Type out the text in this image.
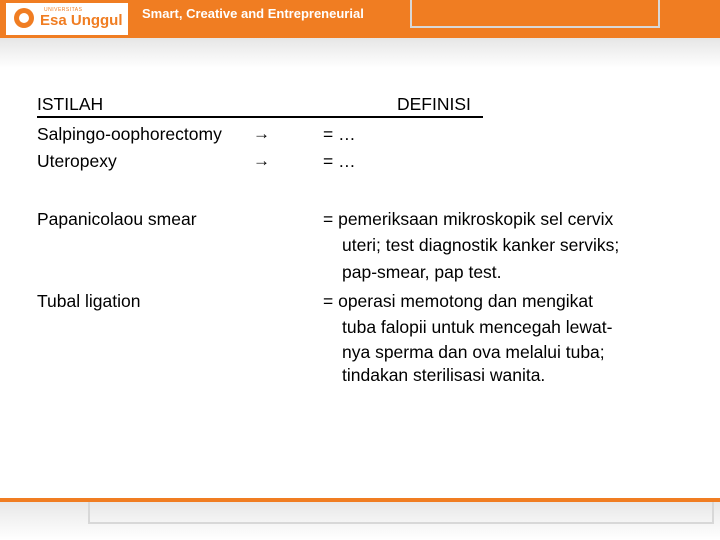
UNIVERSITAS
Esa Unggul Smart, Creative and Entrepreneurial
ISTILAH	DEFINISI
Salpingo-oophorectomy →	= …
Uteropexy	→	= …
Papanicolaou smear	= pemeriksaan mikroskopik sel cervix
uteri; test diagnostik kanker serviks;
pap-smear, pap test.
Tubal ligation	= operasi memotong dan mengikat
tuba falopii untuk mencegah lewat-
nya sperma dan ova melalui tuba;
tindakan sterilisasi wanita.
